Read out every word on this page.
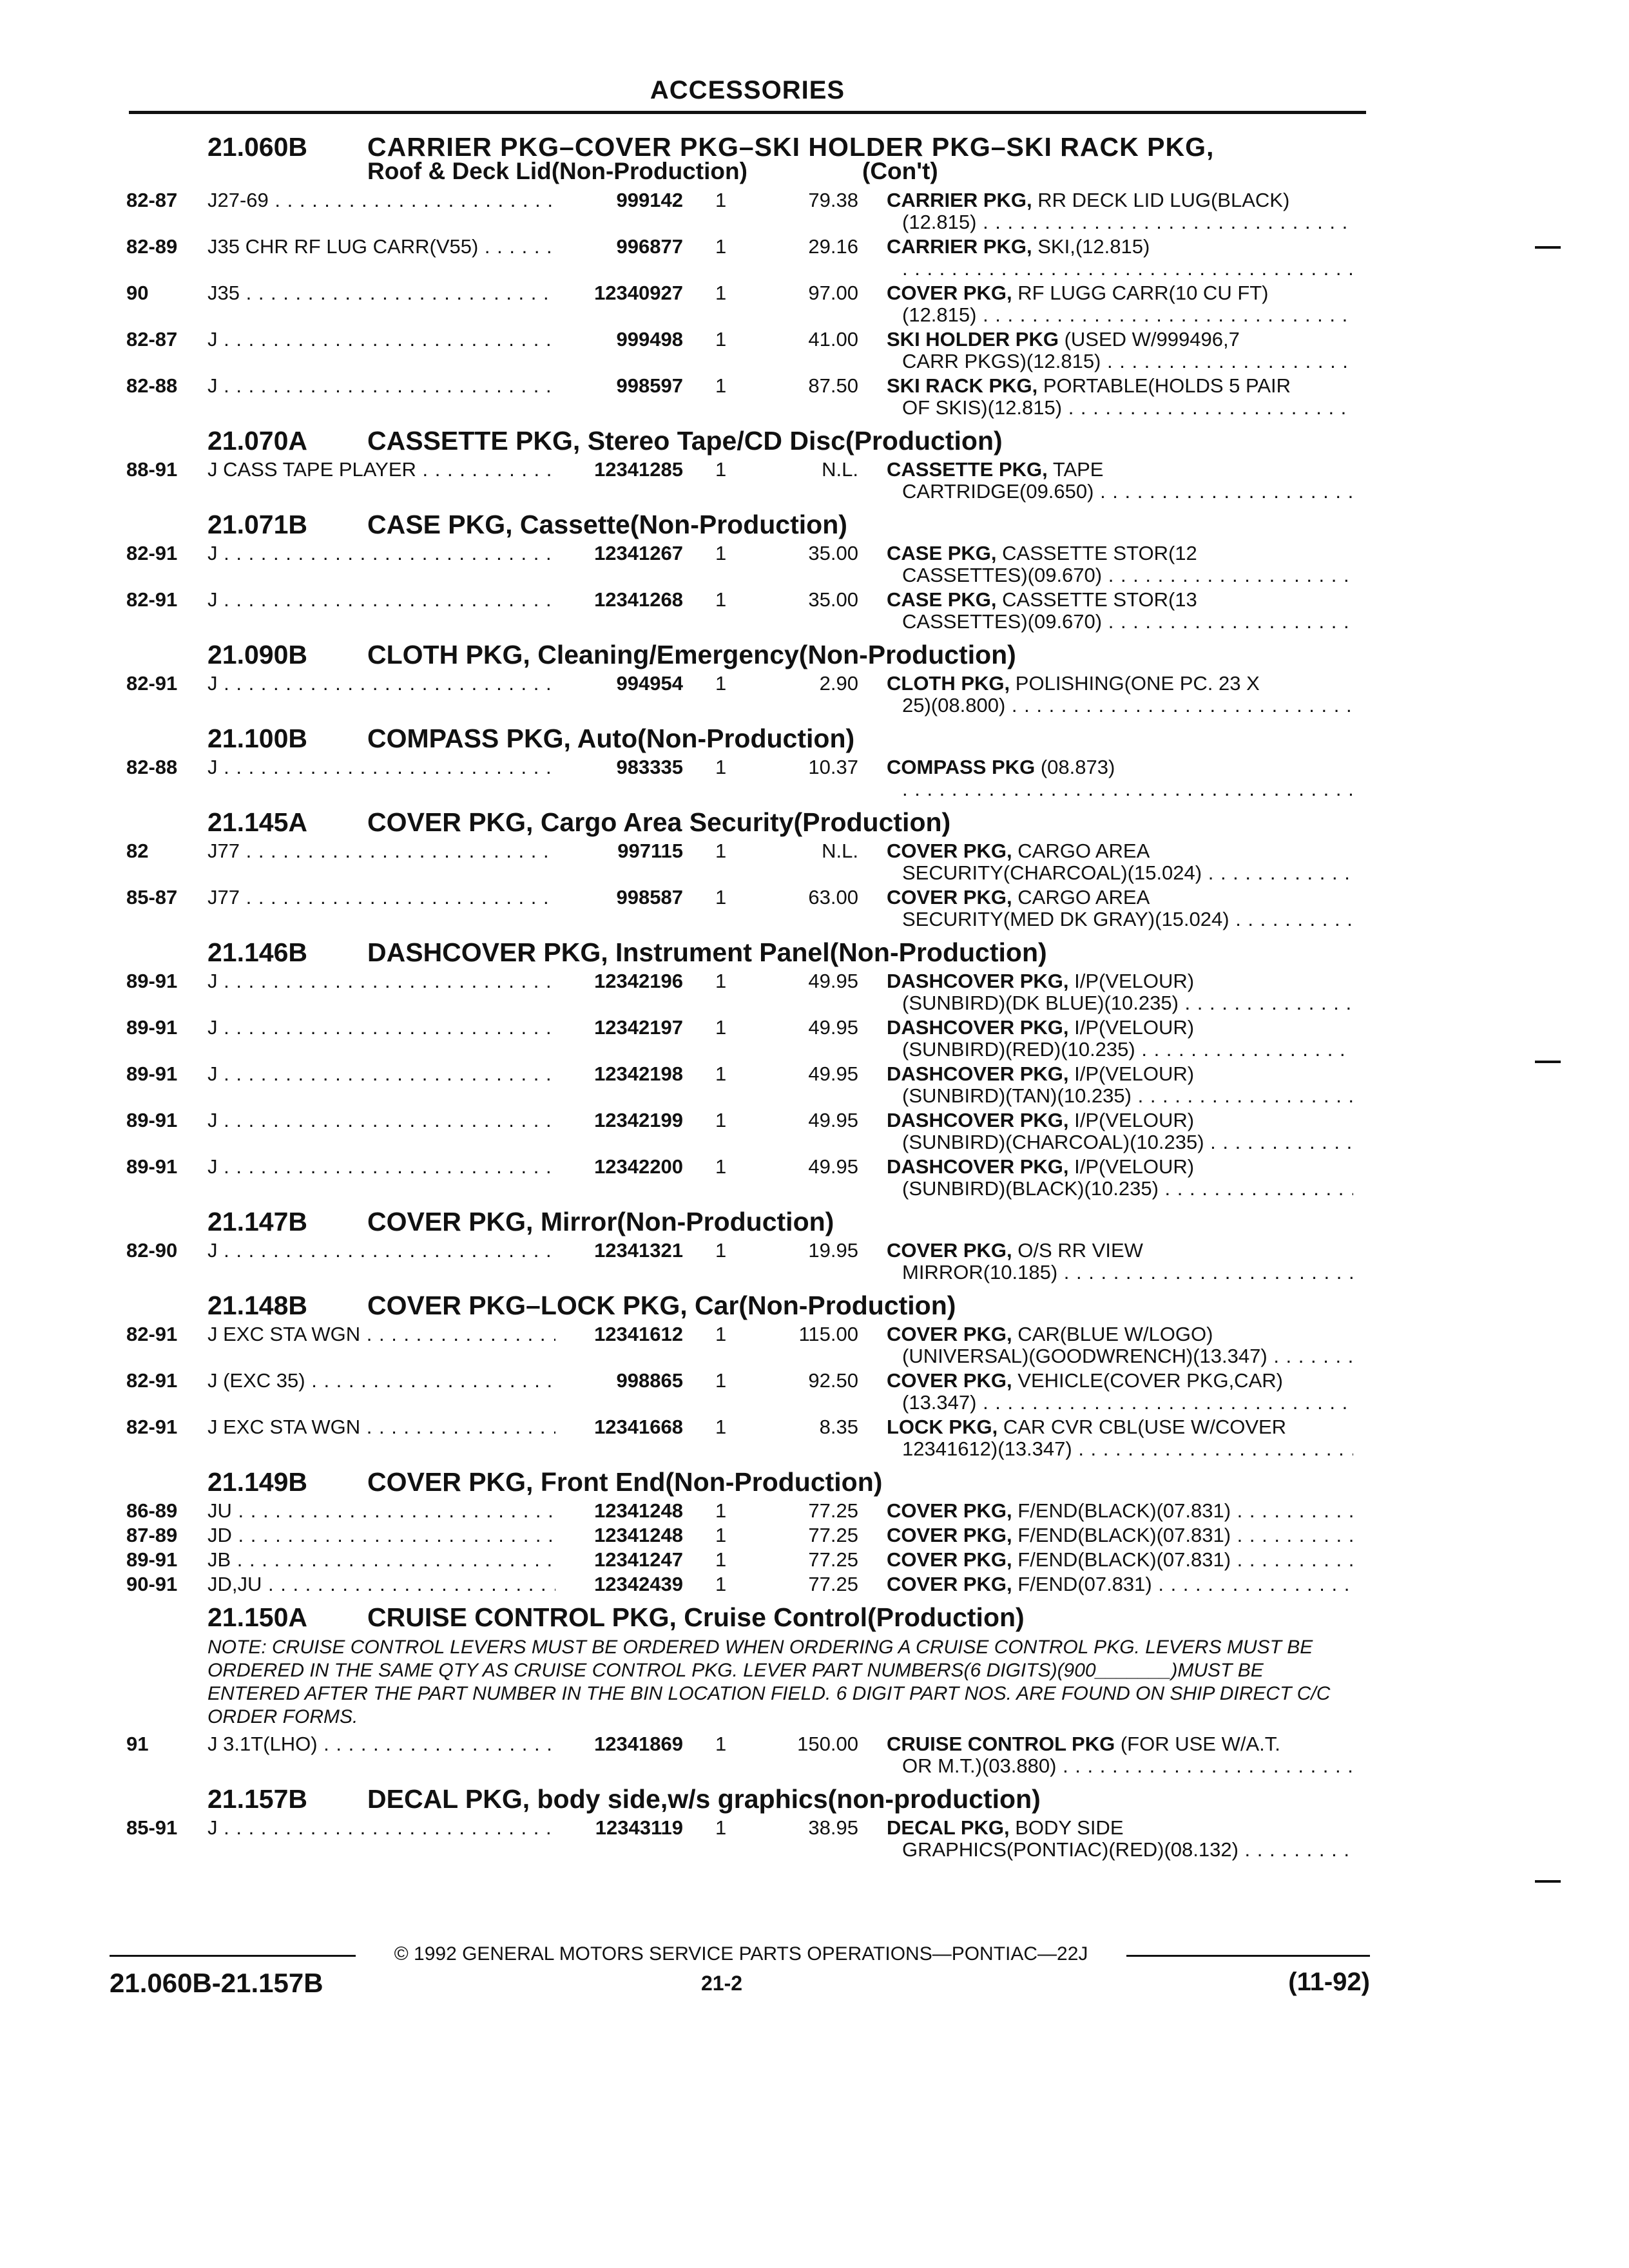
ACCESSORIES
21.060B CARRIER PKG–COVER PKG–SKI HOLDER PKG–SKI RACK PKG,
Roof & Deck Lid(Non-Production)	(Con't)
82-87 J27-69 . . .	999142 1	79.38 CARRIER PKG, RR DECK LID LUG(BLACK)
(12.815) . . .
82-89 J35 CHR RF LUG CARR(V55) . . .	996877 1	29.16 CARRIER PKG, SKI,(12.815)
. . .
90	J35 . . .	12340927 1	97.00 COVER PKG, RF LUGG CARR(10 CU FT)
(12.815) . . .
82-87 J . . .	999498 1	41.00 SKI HOLDER PKG (USED W/999496,7
CARR PKGS)(12.815) . . .
82-88 J . . .	998597 1	87.50 SKI RACK PKG, PORTABLE(HOLDS 5 PAIR
OF SKIS)(12.815) . . .
21.070A CASSETTE PKG, Stereo Tape/CD Disc(Production)
88-91 J CASS TAPE PLAYER . . .	12341285 1	N.L. CASSETTE PKG, TAPE
CARTRIDGE(09.650) . . .
21.071B CASE PKG, Cassette(Non-Production)
82-91 J . . .	12341267 1	35.00 CASE PKG, CASSETTE STOR(12
CASSETTES)(09.670) . . .
82-91 J . . .	12341268 1	35.00 CASE PKG, CASSETTE STOR(13
CASSETTES)(09.670) . . .
21.090B CLOTH PKG, Cleaning/Emergency(Non-Production)
82-91 J . . .	994954 1	2.90 CLOTH PKG, POLISHING(ONE PC. 23 X
25)(08.800) . . .
21.100B COMPASS PKG, Auto(Non-Production)
82-88 J . . .	983335 1	10.37 COMPASS PKG (08.873)
. . .
21.145A COVER PKG, Cargo Area Security(Production)
82	J77 . . .	997115 1	N.L. COVER PKG, CARGO AREA
SECURITY(CHARCOAL)(15.024) . . .
85-87 J77 . . .	998587 1	63.00 COVER PKG, CARGO AREA
SECURITY(MED DK GRAY)(15.024) . . .
21.146B DASHCOVER PKG, Instrument Panel(Non-Production)
89-91 J . . .	12342196 1	49.95 DASHCOVER PKG, I/P(VELOUR)
(SUNBIRD)(DK BLUE)(10.235) . . .
89-91 J . . .	12342197 1	49.95 DASHCOVER PKG, I/P(VELOUR)
(SUNBIRD)(RED)(10.235) . . .
89-91 J . . .	12342198 1	49.95 DASHCOVER PKG, I/P(VELOUR)
(SUNBIRD)(TAN)(10.235) . . .
89-91 J . . .	12342199 1	49.95 DASHCOVER PKG, I/P(VELOUR)
(SUNBIRD)(CHARCOAL)(10.235) . . .
89-91 J . . .	12342200 1	49.95 DASHCOVER PKG, I/P(VELOUR)
(SUNBIRD)(BLACK)(10.235) . . .
21.147B COVER PKG, Mirror(Non-Production)
82-90 J . . .	12341321 1	19.95 COVER PKG, O/S RR VIEW
MIRROR(10.185) . . .
21.148B COVER PKG–LOCK PKG, Car(Non-Production)
82-91 J EXC STA WGN . . .	12341612 1	115.00 COVER PKG, CAR(BLUE W/LOGO)
(UNIVERSAL)(GOODWRENCH)(13.347) . . .
82-91 J (EXC 35) . . .	998865 1	92.50 COVER PKG, VEHICLE(COVER PKG,CAR)
(13.347) . . .
82-91 J EXC STA WGN . . .	12341668 1	8.35 LOCK PKG, CAR CVR CBL(USE W/COVER
12341612)(13.347) . . .
21.149B COVER PKG, Front End(Non-Production)
86-89 JU . . .	12341248 1	77.25 COVER PKG, F/END(BLACK)(07.831) . . .
87-89 JD . . .	12341248 1	77.25 COVER PKG, F/END(BLACK)(07.831) . . .
89-91 JB . . .	12341247 1	77.25 COVER PKG, F/END(BLACK)(07.831) . . .
90-91 JD,JU . . .	12342439 1	77.25 COVER PKG, F/END(07.831) . . .
21.150A CRUISE CONTROL PKG, Cruise Control(Production)
NOTE: CRUISE CONTROL LEVERS MUST BE ORDERED WHEN ORDERING A CRUISE CONTROL PKG. LEVERS MUST BE ORDERED IN THE SAME QTY AS CRUISE CONTROL PKG. LEVER PART NUMBERS(6 DIGITS)(900_______)MUST BE ENTERED AFTER THE PART NUMBER IN THE BIN LOCATION FIELD. 6 DIGIT PART NOS. ARE FOUND ON SHIP DIRECT C/C ORDER FORMS.
91	J 3.1T(LHO) . . .	12341869 1	150.00 CRUISE CONTROL PKG (FOR USE W/A.T.
OR M.T.)(03.880) . . .
21.157B DECAL PKG, body side,w/s graphics(non-production)
85-91 J . . .	12343119 1	38.95 DECAL PKG, BODY SIDE
GRAPHICS(PONTIAC)(RED)(08.132) . . .
© 1992 GENERAL MOTORS SERVICE PARTS OPERATIONS—PONTIAC—22J
21.060B-21.157B	21-2	(11-92)
